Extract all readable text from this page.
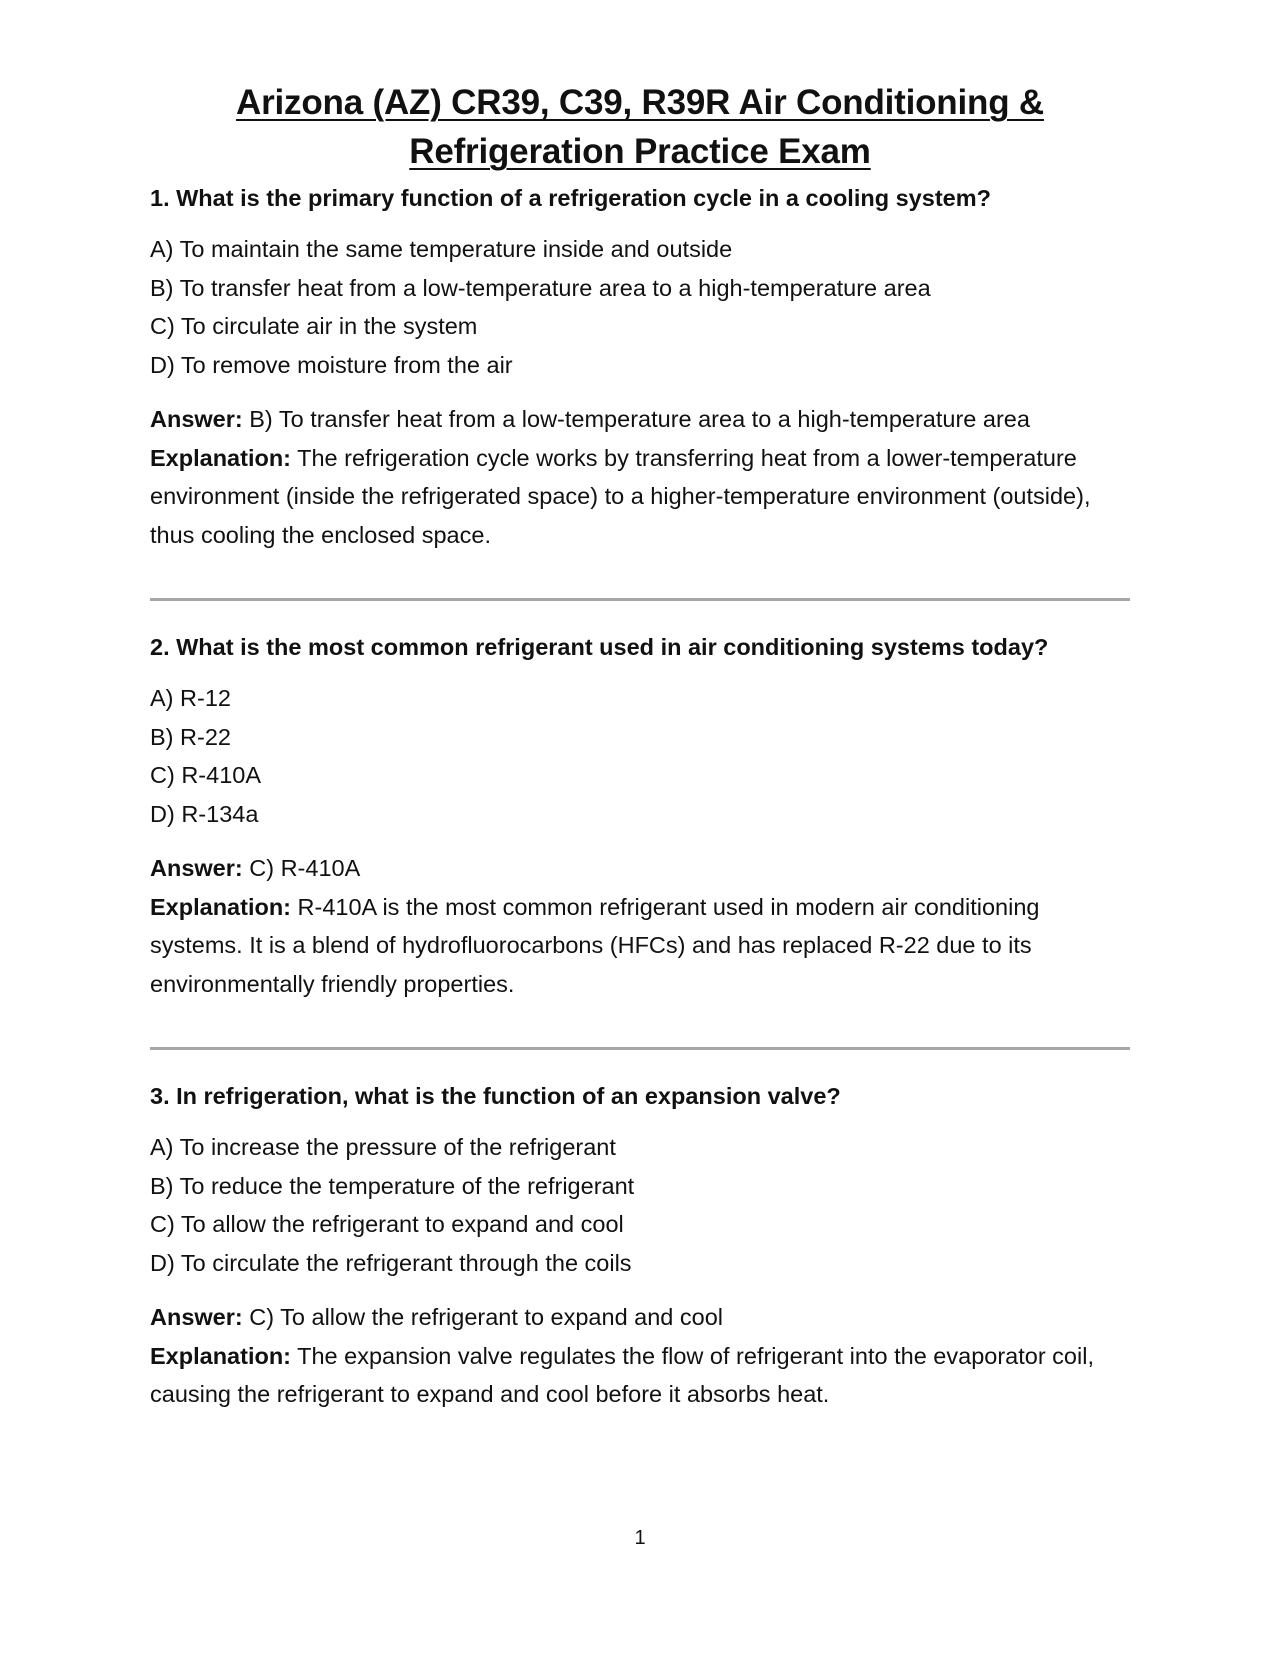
Arizona (AZ) CR39, C39, R39R Air Conditioning &
Refrigeration Practice Exam

1. What is the primary function of a refrigeration cycle in a cooling system?

A) To maintain the same temperature inside and outside
B) To transfer heat from a low-temperature area to a high-temperature area
C) To circulate air in the system
D) To remove moisture from the air

Answer: B) To transfer heat from a low-temperature area to a high-temperature area

Explanation: The refrigeration cycle works by transferring heat from a lower-temperature environment (inside the refrigerated space) to a higher-temperature environment (outside), thus cooling the enclosed space.

2. What is the most common refrigerant used in air conditioning systems today?

A) R-12
B) R-22
C) R-410A
D) R-134a

Answer: C) R-410A

Explanation: R-410A is the most common refrigerant used in modern air conditioning systems. It is a blend of hydrofluorocarbons (HFCs) and has replaced R-22 due to its environmentally friendly properties.

3. In refrigeration, what is the function of an expansion valve?

A) To increase the pressure of the refrigerant
B) To reduce the temperature of the refrigerant
C) To allow the refrigerant to expand and cool
D) To circulate the refrigerant through the coils

Answer: C) To allow the refrigerant to expand and cool

Explanation: The expansion valve regulates the flow of refrigerant into the evaporator coil, causing the refrigerant to expand and cool before it absorbs heat.

1
